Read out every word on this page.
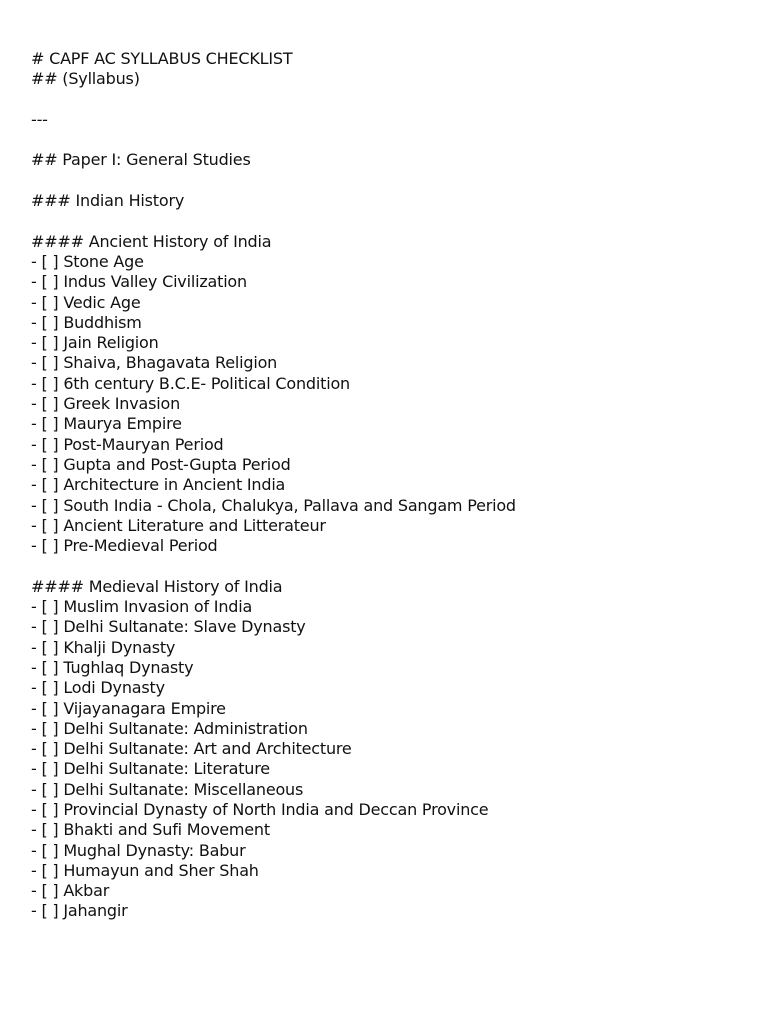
# CAPF AC SYLLABUS CHECKLIST
## (Syllabus)
---
## Paper I: General Studies
### Indian History
#### Ancient History of India
- [ ] Stone Age
- [ ] Indus Valley Civilization
- [ ] Vedic Age
- [ ] Buddhism
- [ ] Jain Religion
- [ ] Shaiva, Bhagavata Religion
- [ ] 6th century B.C.E- Political Condition
- [ ] Greek Invasion
- [ ] Maurya Empire
- [ ] Post-Mauryan Period
- [ ] Gupta and Post-Gupta Period
- [ ] Architecture in Ancient India
- [ ] South India - Chola, Chalukya, Pallava and Sangam Period
- [ ] Ancient Literature and Litterateur
- [ ] Pre-Medieval Period
#### Medieval History of India
- [ ] Muslim Invasion of India
- [ ] Delhi Sultanate: Slave Dynasty
- [ ] Khalji Dynasty
- [ ] Tughlaq Dynasty
- [ ] Lodi Dynasty
- [ ] Vijayanagara Empire
- [ ] Delhi Sultanate: Administration
- [ ] Delhi Sultanate: Art and Architecture
- [ ] Delhi Sultanate: Literature
- [ ] Delhi Sultanate: Miscellaneous
- [ ] Provincial Dynasty of North India and Deccan Province
- [ ] Bhakti and Sufi Movement
- [ ] Mughal Dynasty: Babur
- [ ] Humayun and Sher Shah
- [ ] Akbar
- [ ] Jahangir
